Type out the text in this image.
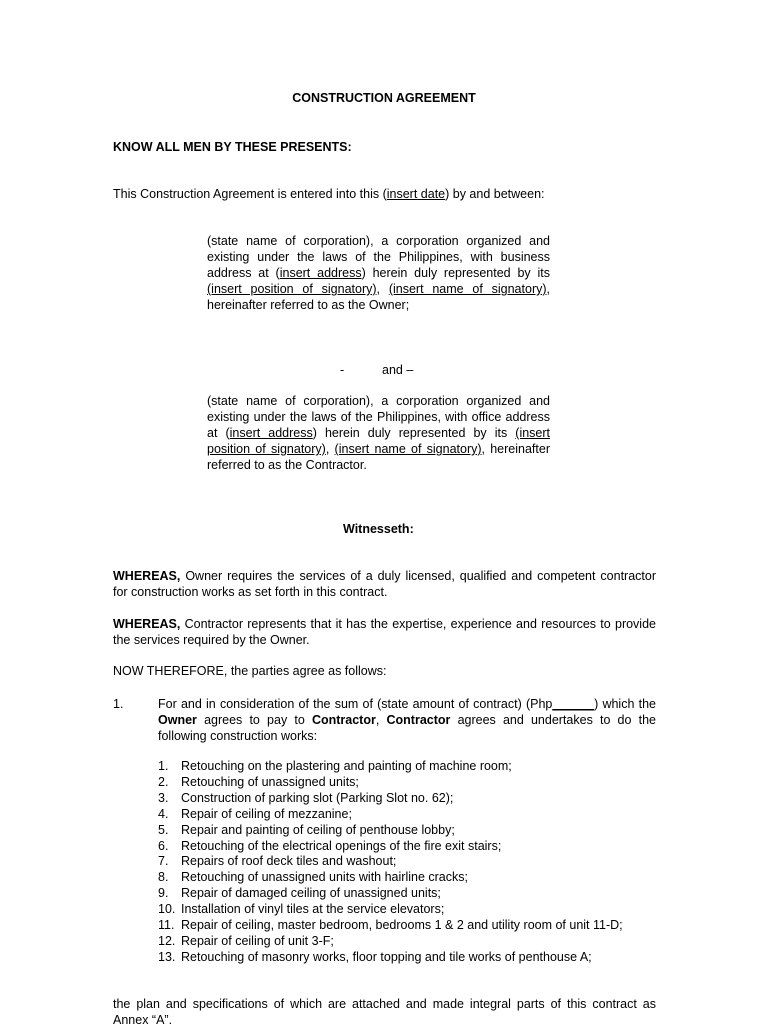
CONSTRUCTION AGREEMENT
KNOW ALL MEN BY THESE PRESENTS:
This Construction Agreement is entered into this (insert date) by and between:
(state name of corporation), a corporation organized and existing under the laws of the Philippines, with business address at (insert address) herein duly represented by its (insert position of signatory), (insert name of signatory), hereinafter referred to as the Owner;
-	and –
(state name of corporation), a corporation organized and existing under the laws of the Philippines, with office address at (insert address) herein duly represented by its (insert position of signatory), (insert name of signatory), hereinafter referred to as the Contractor.
Witnesseth:
WHEREAS, Owner requires the services of a duly licensed, qualified and competent contractor for construction works as set forth in this contract.
WHEREAS, Contractor represents that it has the expertise, experience and resources to provide the services required by the Owner.
NOW THEREFORE, the parties agree as follows:
1.	For and in consideration of the sum of (state amount of contract) (Php______) which the Owner agrees to pay to Contractor, Contractor agrees and undertakes to do the following construction works:
1. Retouching on the plastering and painting of machine room;
2. Retouching of unassigned units;
3. Construction of parking slot (Parking Slot no. 62);
4. Repair of ceiling of mezzanine;
5. Repair and painting of ceiling of penthouse lobby;
6. Retouching of the electrical openings of the fire exit stairs;
7. Repairs of roof deck tiles and washout;
8. Retouching of unassigned units with hairline cracks;
9. Repair of damaged ceiling of unassigned units;
10. Installation of vinyl tiles at the service elevators;
11. Repair of ceiling, master bedroom, bedrooms 1 & 2 and utility room of unit 11-D;
12. Repair of ceiling of unit 3-F;
13. Retouching of masonry works, floor topping and tile works of penthouse A;
the plan and specifications of which are attached and made integral parts of this contract as Annex “A”.
